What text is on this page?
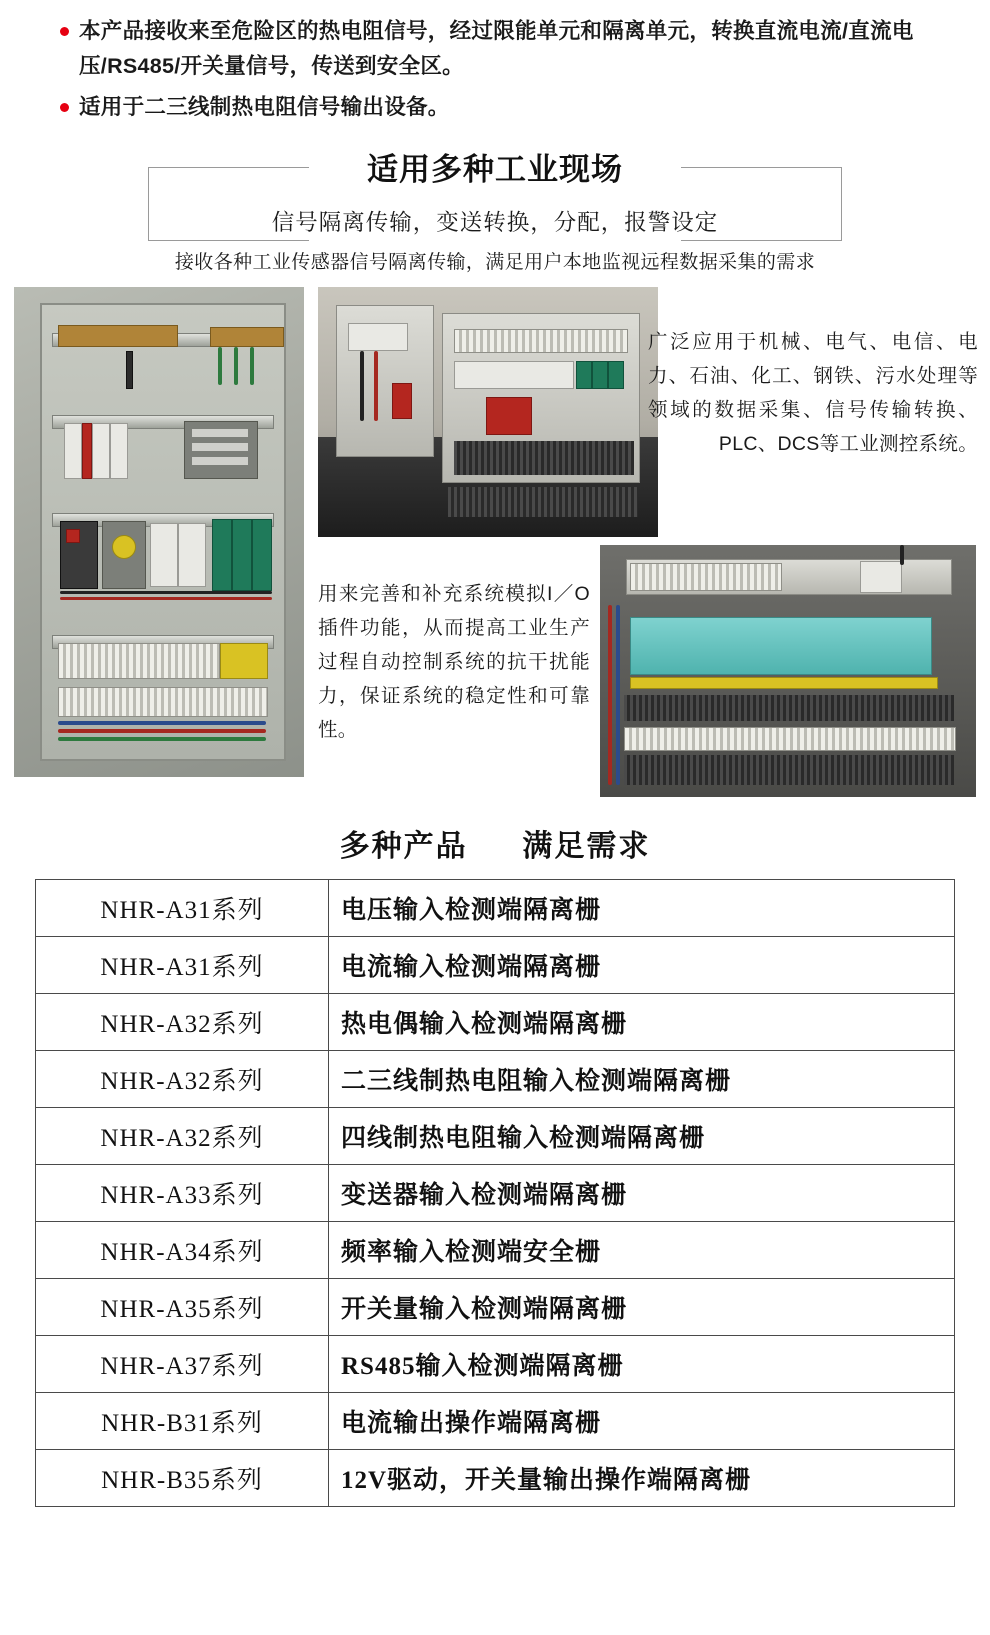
本产品接收来至危险区的热电阻信号，经过限能单元和隔离单元，转换直流电流/直流电压/RS485/开关量信号，传送到安全区。
适用于二三线制热电阻信号输出设备。
适用多种工业现场
信号隔离传输，变送转换，分配，报警设定
接收各种工业传感器信号隔离传输，满足用户本地监视远程数据采集的需求
广泛应用于机械、电气、电信、电力、石油、化工、钢铁、污水处理等领域的数据采集、信号传输转换、PLC、DCS等工业测控系统。
用来完善和补充系统模拟I／O插件功能，从而提高工业生产过程自动控制系统的抗干扰能力，保证系统的稳定性和可靠性。
多种产品 满足需求
NHR-A31系列	电压输入检测端隔离栅
NHR-A31系列	电流输入检测端隔离栅
NHR-A32系列	热电偶输入检测端隔离栅
NHR-A32系列	二三线制热电阻输入检测端隔离栅
NHR-A32系列	四线制热电阻输入检测端隔离栅
NHR-A33系列	变送器输入检测端隔离栅
NHR-A34系列	频率输入检测端安全栅
NHR-A35系列	开关量输入检测端隔离栅
NHR-A37系列	RS485输入检测端隔离栅
NHR-B31系列	电流输出操作端隔离栅
NHR-B35系列	12V驱动，开关量输出操作端隔离栅
